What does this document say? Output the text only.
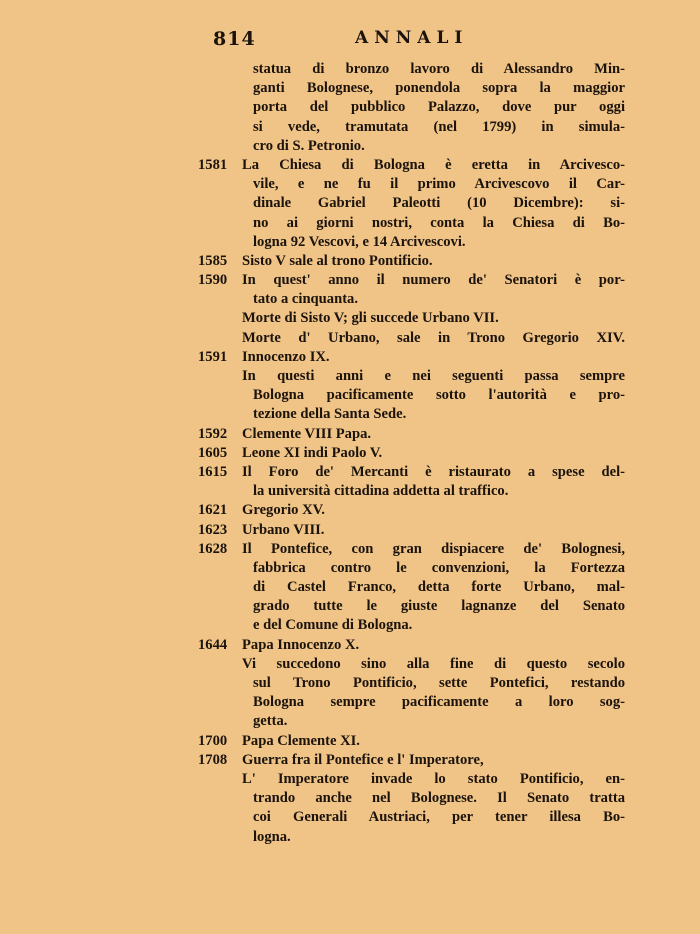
814	ANNALI
statua di bronzo lavoro di Alessandro Min-
ganti Bolognese, ponendola sopra la maggior
porta del pubblico Palazzo, dove pur oggi
si vede, tramutata (nel 1799) in simula-
cro di S. Petronio.
1581 La Chiesa di Bologna è eretta in Arcivesco-
vile, e ne fu il primo Arcivescovo il Car-
dinale Gabriel Paleotti (10 Dicembre): si-
no ai giorni nostri, conta la Chiesa di Bo-
logna 92 Vescovi, e 14 Arcivescovi.
1585 Sisto V sale al trono Pontificio.
1590 In quest' anno il numero de' Senatori è por-
tato a cinquanta.
Morte di Sisto V; gli succede Urbano VII.
Morte d' Urbano, sale in Trono Gregorio XIV.
1591 Innocenzo IX.
In questi anni e nei seguenti passa sempre
Bologna pacificamente sotto l'autorità e pro-
tezione della Santa Sede.
1592 Clemente VIII Papa.
1605 Leone XI indi Paolo V.
1615 Il Foro de' Mercanti è ristaurato a spese del-
la università cittadina addetta al traffico.
1621 Gregorio XV.
1623 Urbano VIII.
1628 Il Pontefice, con gran dispiacere de' Bolognesi,
fabbrica contro le convenzioni, la Fortezza
di Castel Franco, detta forte Urbano, mal-
grado tutte le giuste lagnanze del Senato
e del Comune di Bologna.
1644 Papa Innocenzo X.
Vi succedono sino alla fine di questo secolo
sul Trono Pontificio, sette Pontefici, restando
Bologna sempre pacificamente a loro sog-
getta.
1700 Papa Clemente XI.
1708 Guerra fra il Pontefice e l' Imperatore,
L' Imperatore invade lo stato Pontificio, en-
trando anche nel Bolognese. Il Senato tratta
coi Generali Austriaci, per tener illesa Bo-
logna.
